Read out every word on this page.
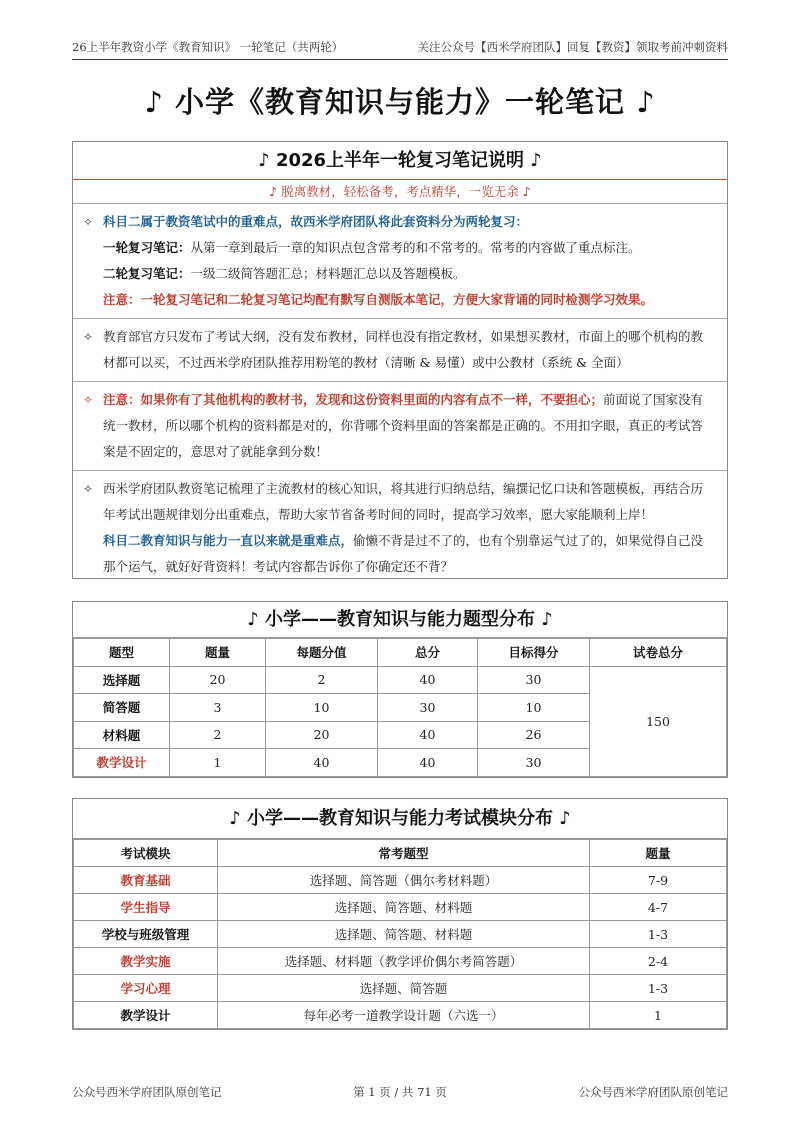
26上半年教资小学《教育知识》 一轮笔记（共两轮）	关注公众号【西米学府团队】回复【教资】领取考前冲刺资料
♪ 小学《教育知识与能力》一轮笔记 ♪
♪ 2026上半年一轮复习笔记说明 ♪
♪ 脱离教材，轻松备考，考点精华，一览无余 ♪
✧ 科目二属于教资笔试中的重难点，故西米学府团队将此套资料分为两轮复习：
一轮复习笔记：从第一章到最后一章的知识点包含常考的和不常考的。常考的内容做了重点标注。
二轮复习笔记：一级二级简答题汇总；材料题汇总以及答题模板。
注意：一轮复习笔记和二轮复习笔记均配有默写自测版本笔记，方便大家背诵的同时检测学习效果。
✧ 教育部官方只发布了考试大纲，没有发布教材，同样也没有指定教材，如果想买教材，市面上的哪个机构的教材都可以买，不过西米学府团队推荐用粉笔的教材（清晰 & 易懂）或中公教材（系统 & 全面）
✧ 注意：如果你有了其他机构的教材书，发现和这份资料里面的内容有点不一样，不要担心；前面说了国家没有统一教材，所以哪个机构的资料都是对的，你背哪个资料里面的答案都是正确的。不用扣字眼，真正的考试答案是不固定的，意思对了就能拿到分数！
✧ 西米学府团队教资笔记梳理了主流教材的核心知识，将其进行归纳总结，编撰记忆口诀和答题模板，再结合历年考试出题规律划分出重难点，帮助大家节省备考时间的同时，提高学习效率，愿大家能顺利上岸！
科目二教育知识与能力一直以来就是重难点，偷懒不背是过不了的，也有个别靠运气过了的，如果觉得自己没那个运气，就好好背资料！考试内容都告诉你了你确定还不背？
♪ 小学——教育知识与能力题型分布 ♪
题型	题量	每题分值	总分	目标得分	试卷总分
选择题	20	2	40	30	150
简答题	3	10	30	10	
材料题	2	20	40	26	
教学设计	1	40	40	30	
♪ 小学——教育知识与能力考试模块分布 ♪
考试模块	常考题型	题量
教育基础	选择题、简答题（偶尔考材料题）	7-9
学生指导	选择题、简答题、材料题	4-7
学校与班级管理	选择题、简答题、材料题	1-3
教学实施	选择题、材料题（教学评价偶尔考简答题）	2-4
学习心理	选择题、简答题	1-3
教学设计	每年必考一道教学设计题（六选一）	1
公众号西米学府团队原创笔记	第 1 页 / 共 71 页	公众号西米学府团队原创笔记
